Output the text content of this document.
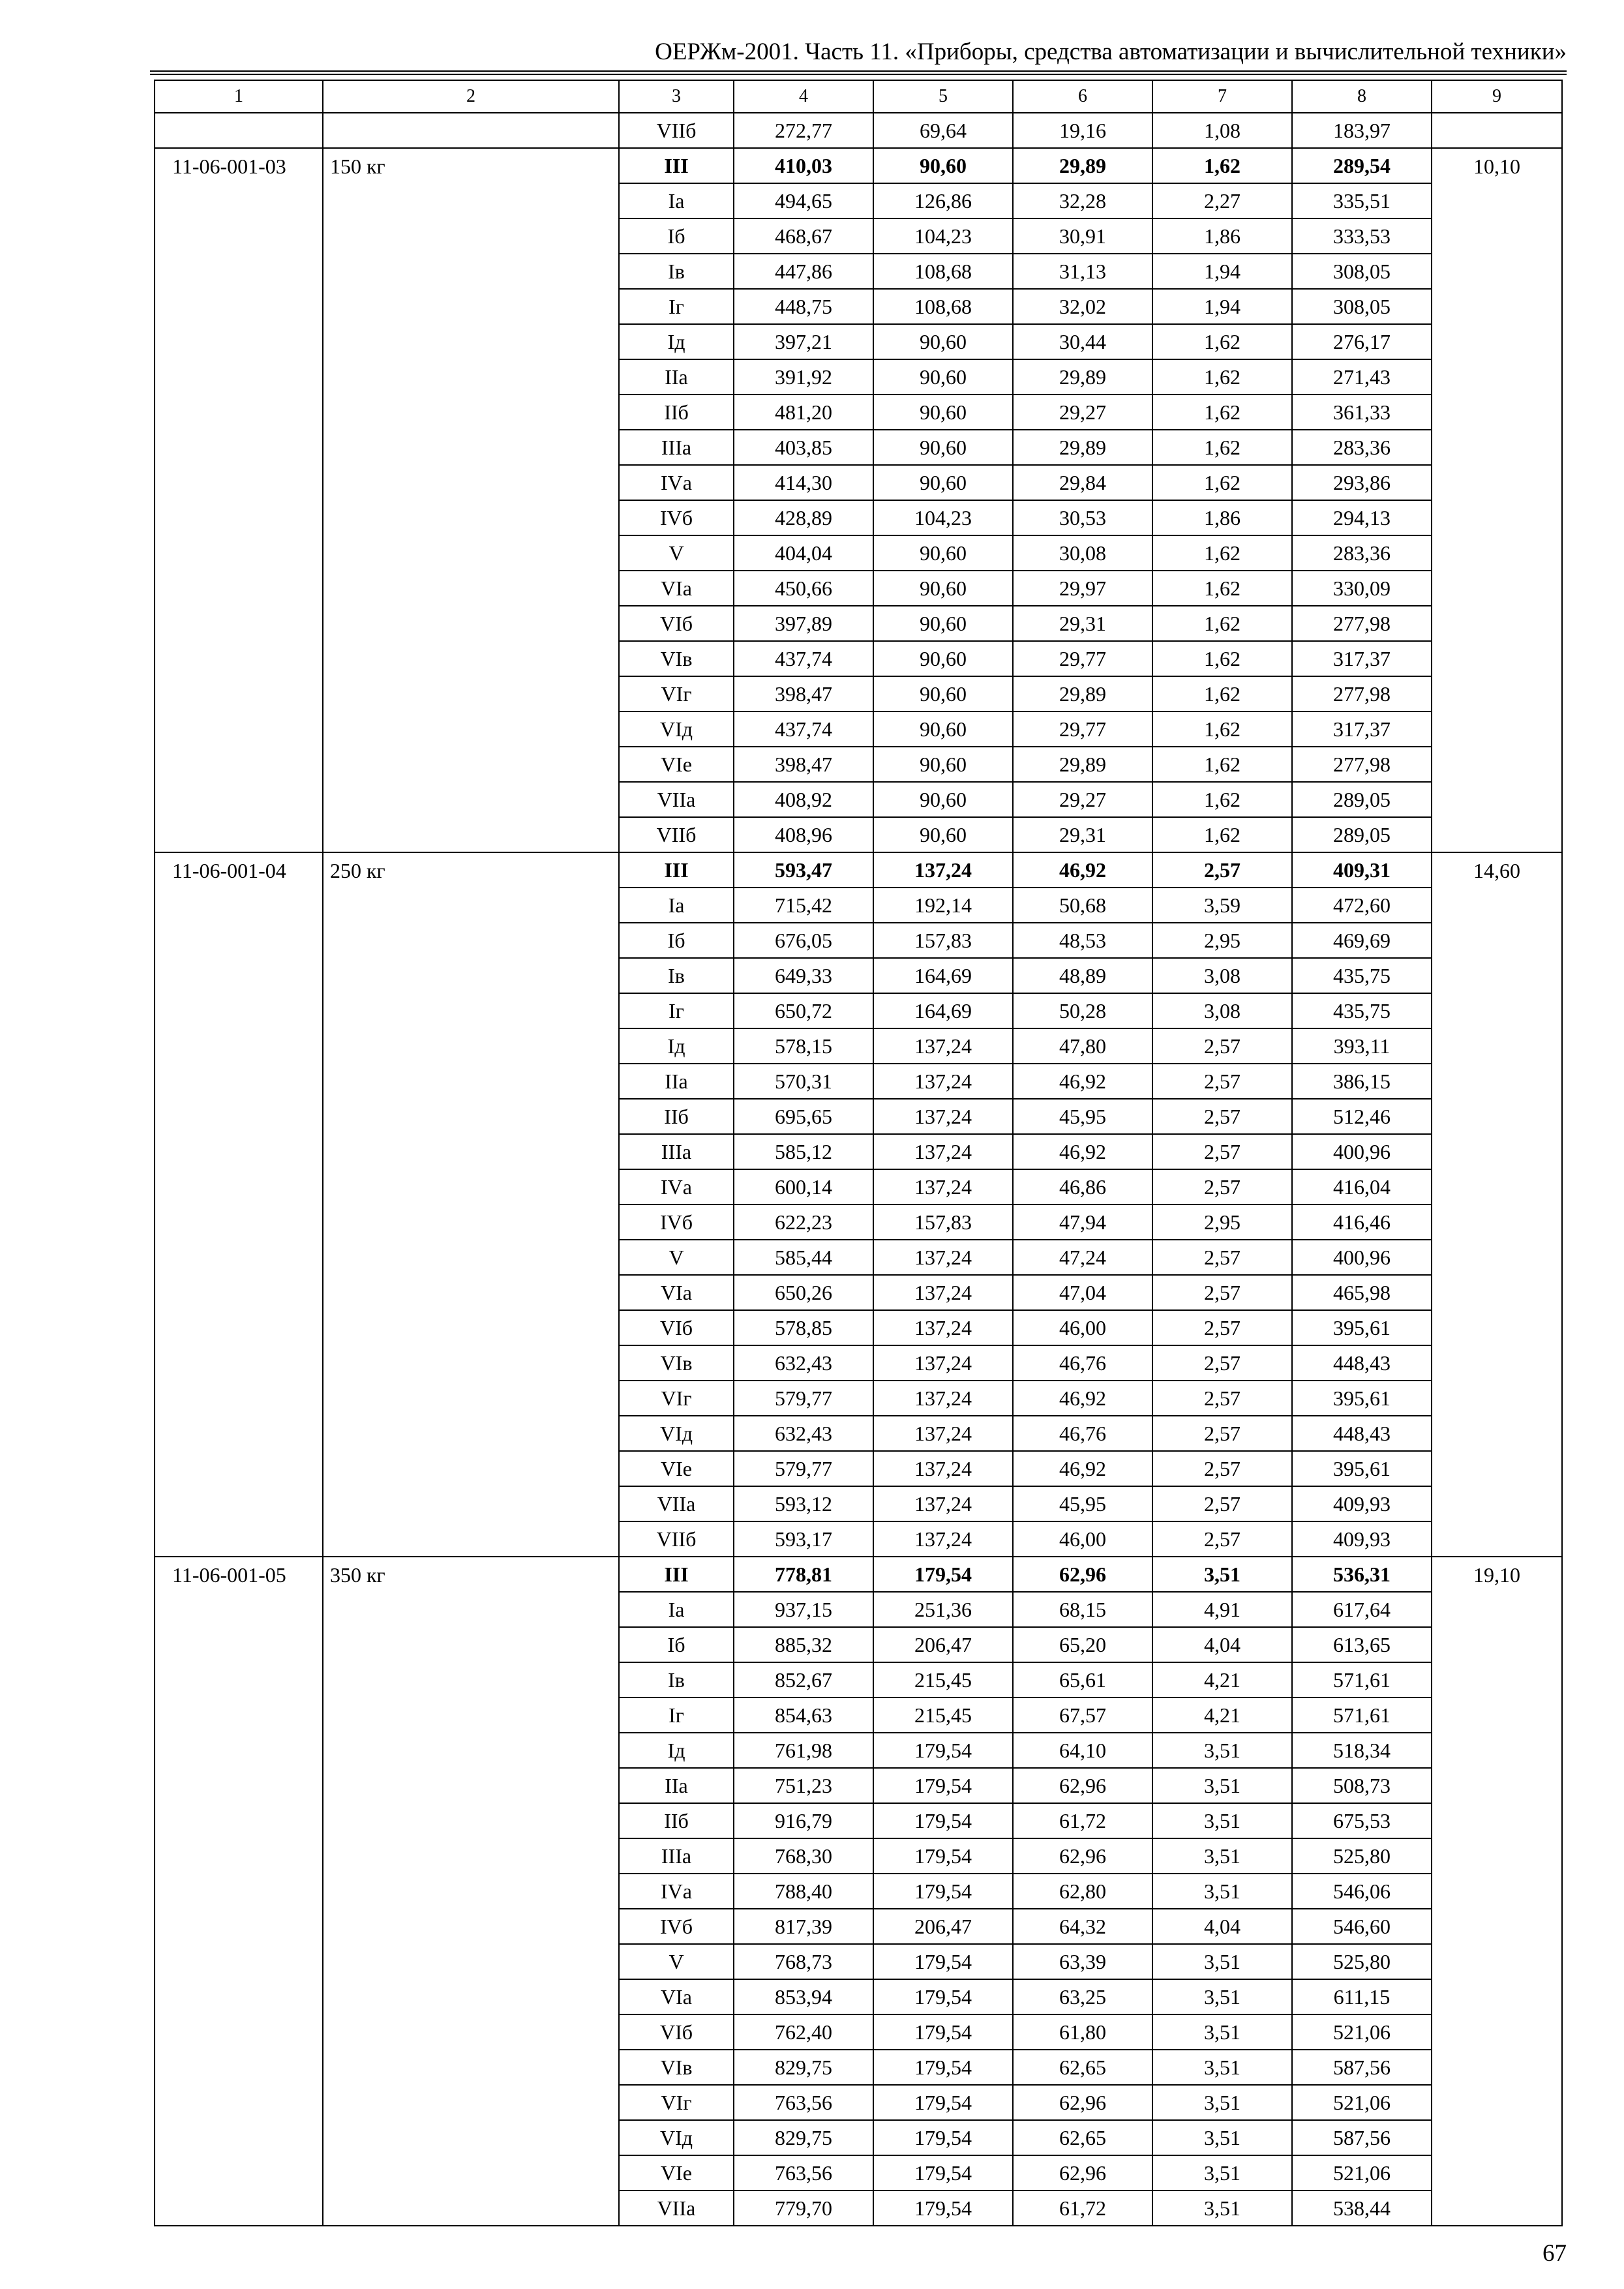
ОЕРЖм-2001. Часть 11. «Приборы, средства автоматизации и вычислительной техники»
1	2	3	4	5	6	7	8	9
		VIIб	272,77	69,64	19,16	1,08	183,97	
11-06-001-03	150 кг	III	410,03	90,60	29,89	1,62	289,54	10,10
		Iа	494,65	126,86	32,28	2,27	335,51	
		Iб	468,67	104,23	30,91	1,86	333,53	
		Iв	447,86	108,68	31,13	1,94	308,05	
		Iг	448,75	108,68	32,02	1,94	308,05	
		Iд	397,21	90,60	30,44	1,62	276,17	
		IIа	391,92	90,60	29,89	1,62	271,43	
		IIб	481,20	90,60	29,27	1,62	361,33	
		IIIа	403,85	90,60	29,89	1,62	283,36	
		IVа	414,30	90,60	29,84	1,62	293,86	
		IVб	428,89	104,23	30,53	1,86	294,13	
		V	404,04	90,60	30,08	1,62	283,36	
		VIа	450,66	90,60	29,97	1,62	330,09	
		VIб	397,89	90,60	29,31	1,62	277,98	
		VIв	437,74	90,60	29,77	1,62	317,37	
		VIг	398,47	90,60	29,89	1,62	277,98	
		VIд	437,74	90,60	29,77	1,62	317,37	
		VIе	398,47	90,60	29,89	1,62	277,98	
		VIIа	408,92	90,60	29,27	1,62	289,05	
		VIIб	408,96	90,60	29,31	1,62	289,05	
11-06-001-04	250 кг	III	593,47	137,24	46,92	2,57	409,31	14,60
		Iа	715,42	192,14	50,68	3,59	472,60	
		Iб	676,05	157,83	48,53	2,95	469,69	
		Iв	649,33	164,69	48,89	3,08	435,75	
		Iг	650,72	164,69	50,28	3,08	435,75	
		Iд	578,15	137,24	47,80	2,57	393,11	
		IIа	570,31	137,24	46,92	2,57	386,15	
		IIб	695,65	137,24	45,95	2,57	512,46	
		IIIа	585,12	137,24	46,92	2,57	400,96	
		IVа	600,14	137,24	46,86	2,57	416,04	
		IVб	622,23	157,83	47,94	2,95	416,46	
		V	585,44	137,24	47,24	2,57	400,96	
		VIа	650,26	137,24	47,04	2,57	465,98	
		VIб	578,85	137,24	46,00	2,57	395,61	
		VIв	632,43	137,24	46,76	2,57	448,43	
		VIг	579,77	137,24	46,92	2,57	395,61	
		VIд	632,43	137,24	46,76	2,57	448,43	
		VIе	579,77	137,24	46,92	2,57	395,61	
		VIIа	593,12	137,24	45,95	2,57	409,93	
		VIIб	593,17	137,24	46,00	2,57	409,93	
11-06-001-05	350 кг	III	778,81	179,54	62,96	3,51	536,31	19,10
		Iа	937,15	251,36	68,15	4,91	617,64	
		Iб	885,32	206,47	65,20	4,04	613,65	
		Iв	852,67	215,45	65,61	4,21	571,61	
		Iг	854,63	215,45	67,57	4,21	571,61	
		Iд	761,98	179,54	64,10	3,51	518,34	
		IIа	751,23	179,54	62,96	3,51	508,73	
		IIб	916,79	179,54	61,72	3,51	675,53	
		IIIа	768,30	179,54	62,96	3,51	525,80	
		IVа	788,40	179,54	62,80	3,51	546,06	
		IVб	817,39	206,47	64,32	4,04	546,60	
		V	768,73	179,54	63,39	3,51	525,80	
		VIа	853,94	179,54	63,25	3,51	611,15	
		VIб	762,40	179,54	61,80	3,51	521,06	
		VIв	829,75	179,54	62,65	3,51	587,56	
		VIг	763,56	179,54	62,96	3,51	521,06	
		VIд	829,75	179,54	62,65	3,51	587,56	
		VIе	763,56	179,54	62,96	3,51	521,06	
		VIIа	779,70	179,54	61,72	3,51	538,44	
67
